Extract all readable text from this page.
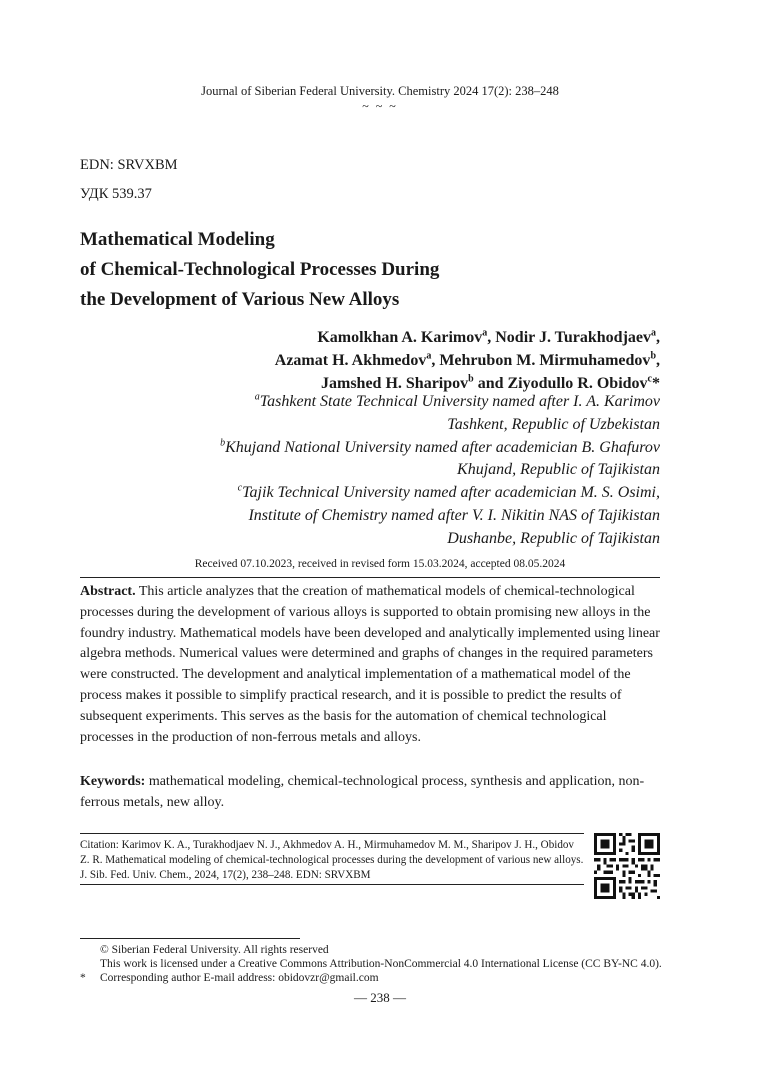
Journal of Siberian Federal University. Chemistry 2024 17(2): 238–248
~ ~ ~
EDN: SRVXBM
УДК 539.37
Mathematical Modeling
of Chemical-Technological Processes During
the Development of Various New Alloys
Kamolkhan A. Karimov$^a$, Nodir J. Turakhodjaev$^a$,
Azamat H. Akhmedov$^a$, Mehrubon M. Mirmuhamedov$^b$,
Jamshed H. Sharipov$^b$ and Ziyodullo R. Obidov$^c$*
$^a$Tashkent State Technical University named after I. A. Karimov
Tashkent, Republic of Uzbekistan
$^b$Khujand National University named after academician B. Ghafurov
Khujand, Republic of Tajikistan
$^c$Tajik Technical University named after academician M. S. Osimi,
Institute of Chemistry named after V. I. Nikitin NAS of Tajikistan
Dushanbe, Republic of Tajikistan
Received 07.10.2023, received in revised form 15.03.2024, accepted 08.05.2024
Abstract. This article analyzes that the creation of mathematical models of chemical-technological processes during the development of various alloys is supported to obtain promising new alloys in the foundry industry. Mathematical models have been developed and analytically implemented using linear algebra methods. Numerical values were determined and graphs of changes in the required parameters were constructed. The development and analytical implementation of a mathematical model of the process makes it possible to simplify practical research, and it is possible to predict the results of subsequent experiments. This serves as the basis for the automation of chemical technological processes in the production of non-ferrous metals and alloys.
Keywords: mathematical modeling, chemical-technological process, synthesis and application, non-ferrous metals, new alloy.
Citation: Karimov K. A., Turakhodjaev N. J., Akhmedov A. H., Mirmuhamedov M. M., Sharipov J. H., Obidov Z. R. Mathematical modeling of chemical-technological processes during the development of various new alloys. J. Sib. Fed. Univ. Chem., 2024, 17(2), 238–248. EDN: SRVXBM
© Siberian Federal University. All rights reserved
This work is licensed under a Creative Commons Attribution-NonCommercial 4.0 International License (CC BY-NC 4.0).
* Corresponding author E-mail address: obidovzr@gmail.com
— 238 —
